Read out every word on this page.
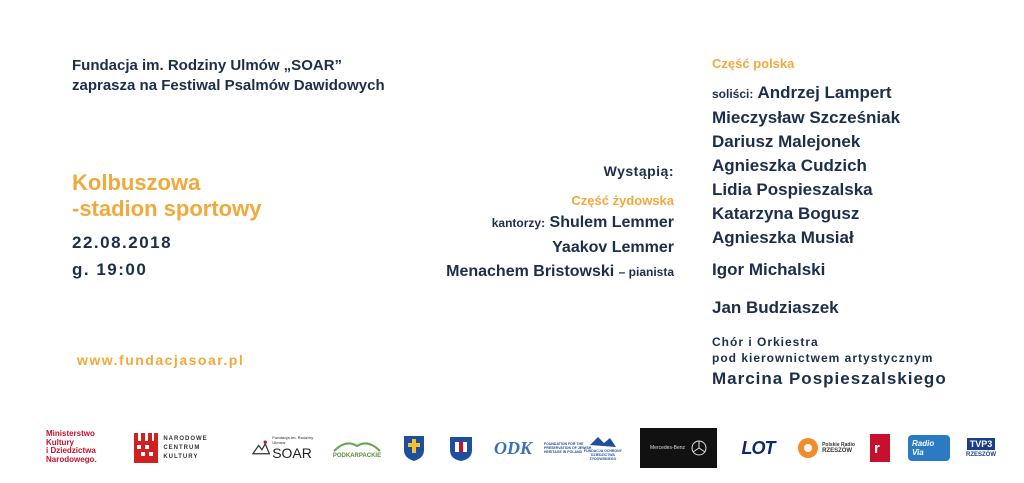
Fundacja im. Rodziny Ulmów „SOAR”
zaprasza na Festiwal Psalmów Dawidowych
Kolbuszowa
-stadion sportowy
22.08.2018
g. 19:00
www.fundacjasoar.pl
Wystąpią:
Część żydowska
kantorzy: Shulem Lemmer
Yaakov Lemmer
Menachem Bristowski – pianista
Część polska
soliści: Andrzej Lampert
Mieczysław Szcześniak
Dariusz Malejonek
Agnieszka Cudzich
Lidia Pospieszalska
Katarzyna Bogusz
Agnieszka Musiał
Igor Michalski
Jan Budziaszek
Chór i Orkiestra
pod kierownictwem artystycznym
Marcina Pospieszalskiego
Ministerstwo
Kultury
i Dziedzictwa
Narodowego.
NARODOWE
CENTRUM
KULTURY
Fundacja im. Rodziny Ulmów
SOAR	PODKARPACKIE	ODK	FOUNDATION FOR THE PRESERVATION OF JEWISH HERITAGE IN POLAND FUNDACJA OCHRONY DZIEDZICTWA ŻYDOWSKIEGO
Mercedes-Benz	LOT	Polskie Radio
RZESZÓW r	Radio Via
TVP3
RZESZÓW
